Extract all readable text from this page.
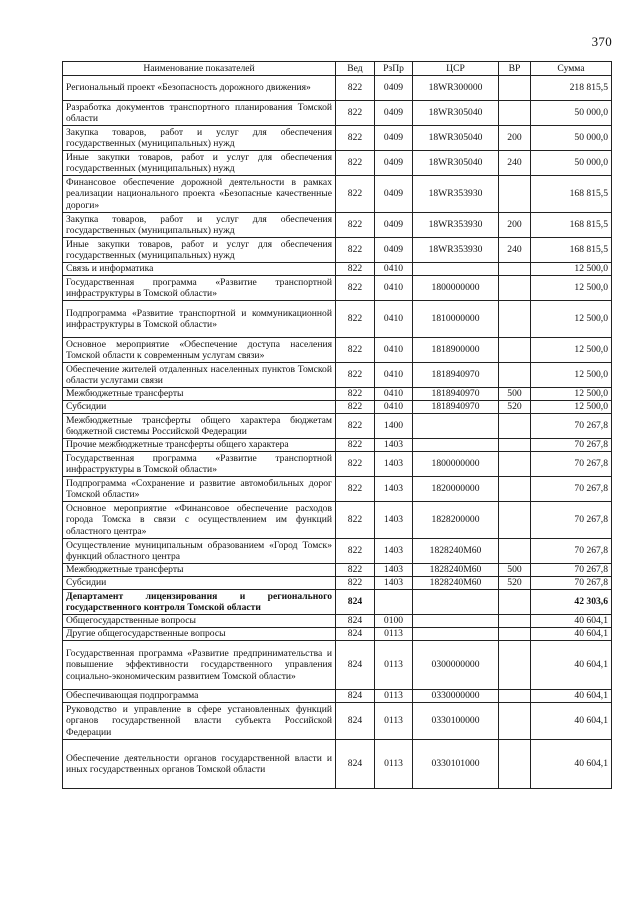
370
Наименование показателей	Вед	РзПр	ЦСР	ВР	Сумма
Региональный проект «Безопасность дорожного движения»	822	0409	18WR300000		218 815,5
Разработка документов транспортного планирования Томской области	822	0409	18WR305040		50 000,0
Закупка товаров, работ и услуг для обеспечения государственных (муниципальных) нужд	822	0409	18WR305040	200	50 000,0
Иные закупки товаров, работ и услуг для обеспечения государственных (муниципальных) нужд	822	0409	18WR305040	240	50 000,0
Финансовое обеспечение дорожной деятельности в рамках реализации национального проекта «Безопасные качественные дороги»	822	0409	18WR353930		168 815,5
Закупка товаров, работ и услуг для обеспечения государственных (муниципальных) нужд	822	0409	18WR353930	200	168 815,5
Иные закупки товаров, работ и услуг для обеспечения государственных (муниципальных) нужд	822	0409	18WR353930	240	168 815,5
Связь и информатика	822	0410			12 500,0
Государственная программа «Развитие транспортной инфраструктуры в Томской области»	822	0410	1800000000		12 500,0
Подпрограмма «Развитие транспортной и коммуникационной инфраструктуры в Томской области»	822	0410	1810000000		12 500,0
Основное мероприятие «Обеспечение доступа населения Томской области к современным услугам связи»	822	0410	1818900000		12 500,0
Обеспечение жителей отдаленных населенных пунктов Томской области услугами связи	822	0410	1818940970		12 500,0
Межбюджетные трансферты	822	0410	1818940970	500	12 500,0
Субсидии	822	0410	1818940970	520	12 500,0
Межбюджетные трансферты общего характера бюджетам бюджетной системы Российской Федерации	822	1400			70 267,8
Прочие межбюджетные трансферты общего характера	822	1403			70 267,8
Государственная программа «Развитие транспортной инфраструктуры в Томской области»	822	1403	1800000000		70 267,8
Подпрограмма «Сохранение и развитие автомобильных дорог Томской области»	822	1403	1820000000		70 267,8
Основное мероприятие «Финансовое обеспечение расходов города Томска в связи с осуществлением им функций областного центра»	822	1403	1828200000		70 267,8
Осуществление муниципальным образованием «Город Томск» функций областного центра	822	1403	1828240М60		70 267,8
Межбюджетные трансферты	822	1403	1828240М60	500	70 267,8
Субсидии	822	1403	1828240М60	520	70 267,8
Департамент лицензирования и регионального государственного контроля Томской области	824				42 303,6
Общегосударственные вопросы	824	0100			40 604,1
Другие общегосударственные вопросы	824	0113			40 604,1
Государственная программа «Развитие предпринимательства и повышение эффективности государственного управления социально-экономическим развитием Томской области»	824	0113	0300000000		40 604,1
Обеспечивающая подпрограмма	824	0113	0330000000		40 604,1
Руководство и управление в сфере установленных функций органов государственной власти субъекта Российской Федерации	824	0113	0330100000		40 604,1
Обеспечение деятельности органов государственной власти и иных государственных органов Томской области	824	0113	0330101000		40 604,1
